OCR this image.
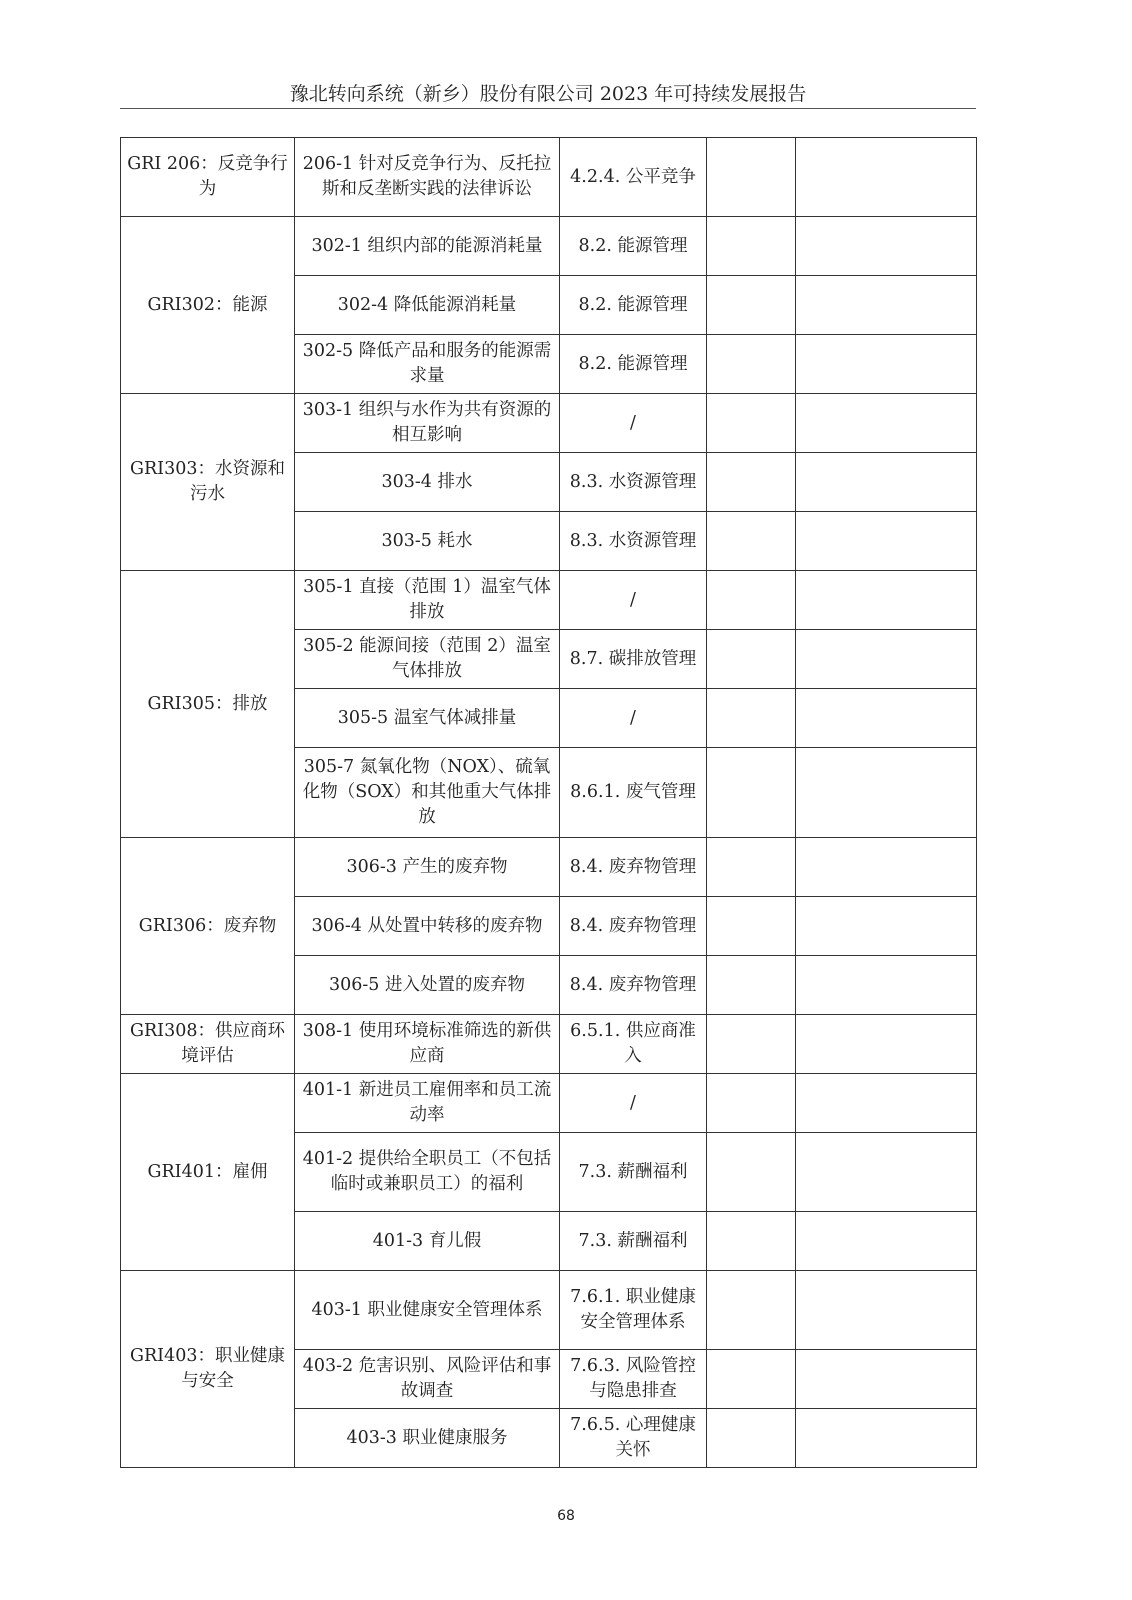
豫北转向系统（新乡）股份有限公司 2023 年可持续发展报告
GRI 206：反竞争行为	206-1 针对反竞争行为、反托拉斯和反垄断实践的法律诉讼	4.2.4. 公平竞争		
GRI302：能源	302-1 组织内部的能源消耗量	8.2. 能源管理		
	302-4 降低能源消耗量	8.2. 能源管理		
	302-5 降低产品和服务的能源需求量	8.2. 能源管理		
GRI303：水资源和污水	303-1 组织与水作为共有资源的相互影响	/		
	303-4 排水	8.3. 水资源管理		
	303-5 耗水	8.3. 水资源管理		
GRI305：排放	305-1 直接（范围 1）温室气体排放	/		
	305-2 能源间接（范围 2）温室气体排放	8.7. 碳排放管理		
	305-5 温室气体减排量	/		
	305-7 氮氧化物（NOX）、硫氧化物（SOX）和其他重大气体排放	8.6.1. 废气管理		
GRI306：废弃物	306-3 产生的废弃物	8.4. 废弃物管理		
	306-4 从处置中转移的废弃物	8.4. 废弃物管理		
	306-5 进入处置的废弃物	8.4. 废弃物管理		
GRI308：供应商环境评估	308-1 使用环境标准筛选的新供应商	6.5.1. 供应商准入		
GRI401：雇佣	401-1 新进员工雇佣率和员工流动率	/		
	401-2 提供给全职员工（不包括临时或兼职员工）的福利	7.3. 薪酬福利		
	401-3 育儿假	7.3. 薪酬福利		
GRI403：职业健康与安全	403-1 职业健康安全管理体系	7.6.1. 职业健康安全管理体系		
	403-2 危害识别、风险评估和事故调查	7.6.3. 风险管控与隐患排查		
	403-3 职业健康服务	7.6.5. 心理健康关怀		
68
